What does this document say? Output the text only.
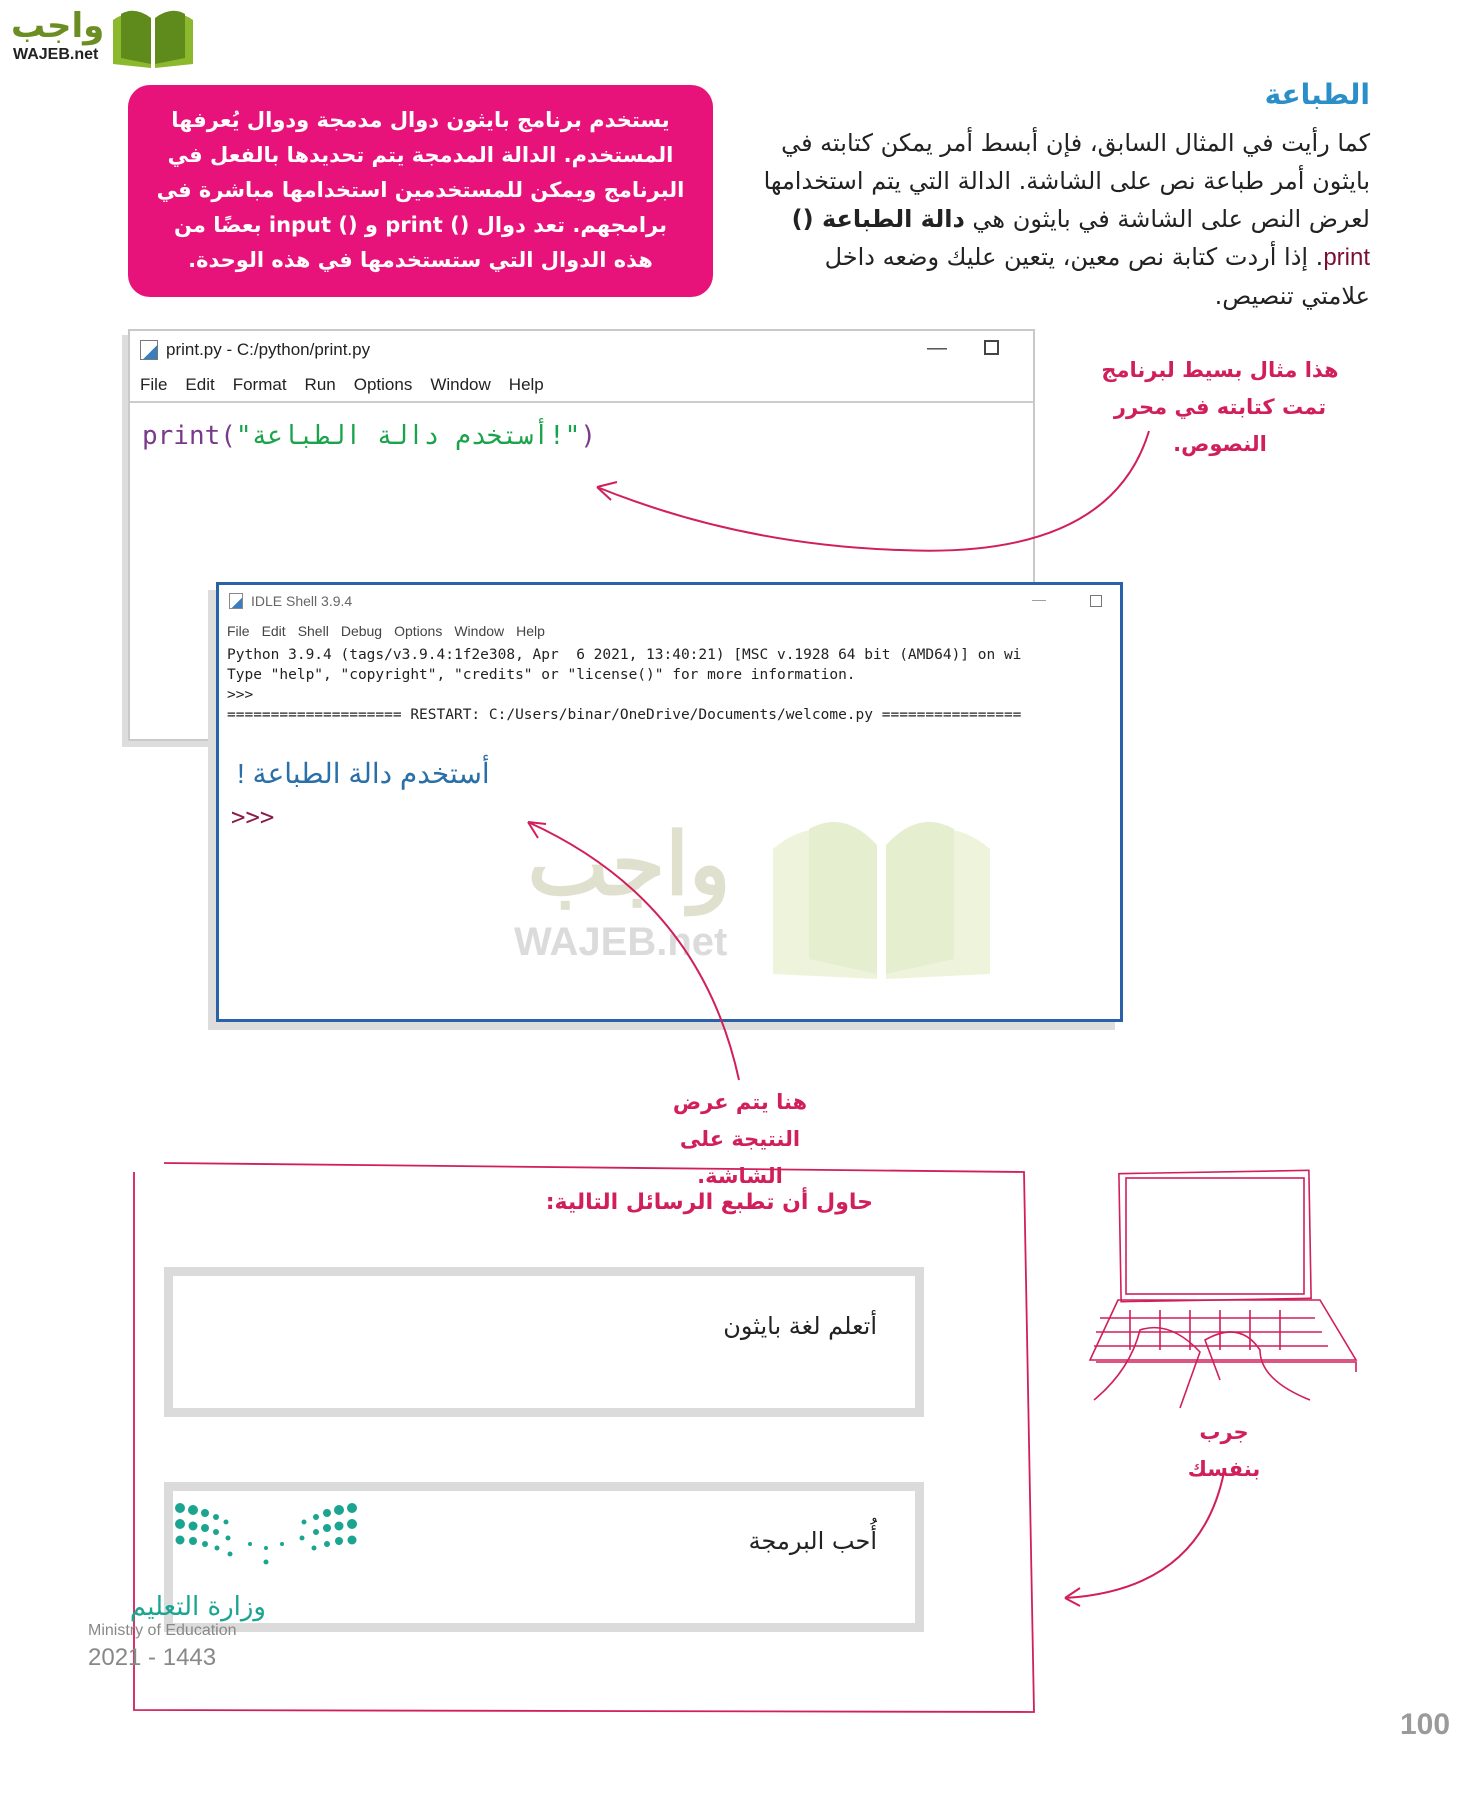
واجب
WAJEB.net
الطباعة

كما رأيت في المثال السابق، فإن أبسط أمر يمكن كتابته في بايثون أمر طباعة نص على الشاشة. الدالة التي يتم استخدامها لعرض النص على الشاشة في بايثون هي دالة الطباعة () print. إذا أردت كتابة نص معين، يتعين عليك وضعه داخل علامتي تنصيص.

يستخدم برنامج بايثون دوال مدمجة ودوال يُعرفها المستخدم. الدالة المدمجة يتم تحديدها بالفعل في البرنامج ويمكن للمستخدمين استخدامها مباشرة في برامجهم. تعد دوال () print و () input بعضًا من هذه الدوال التي ستستخدمها في هذه الوحدة.
print.py - C:/python/print.py	—
File Edit Format Run Options Window Help
print("أستخدم دالة الطباعة!")
IDLE Shell 3.9.4	—
File Edit Shell Debug Options Window Help
Python 3.9.4 (tags/v3.9.4:1f2e308, Apr  6 2021, 13:40:21) [MSC v.1928 64 bit (AMD64)] on wi
Type "help", "copyright", "credits" or "license()" for more information.
>>>
==================== RESTART: C:/Users/binar/OneDrive/Documents/welcome.py ================
أستخدم دالة الطباعة !
>>>	واجب
WAJEB.net
هذا مثال بسيط لبرنامج تمت كتابته في محرر النصوص.
هنا يتم عرض النتيجة على الشاشة.
جرب بنفسك
حاول أن تطبع الرسائل التالية:
أتعلم لغة بايثون
أُحب البرمجة
وزارة التعليم
Ministry of Education
2021 - 1443
100
